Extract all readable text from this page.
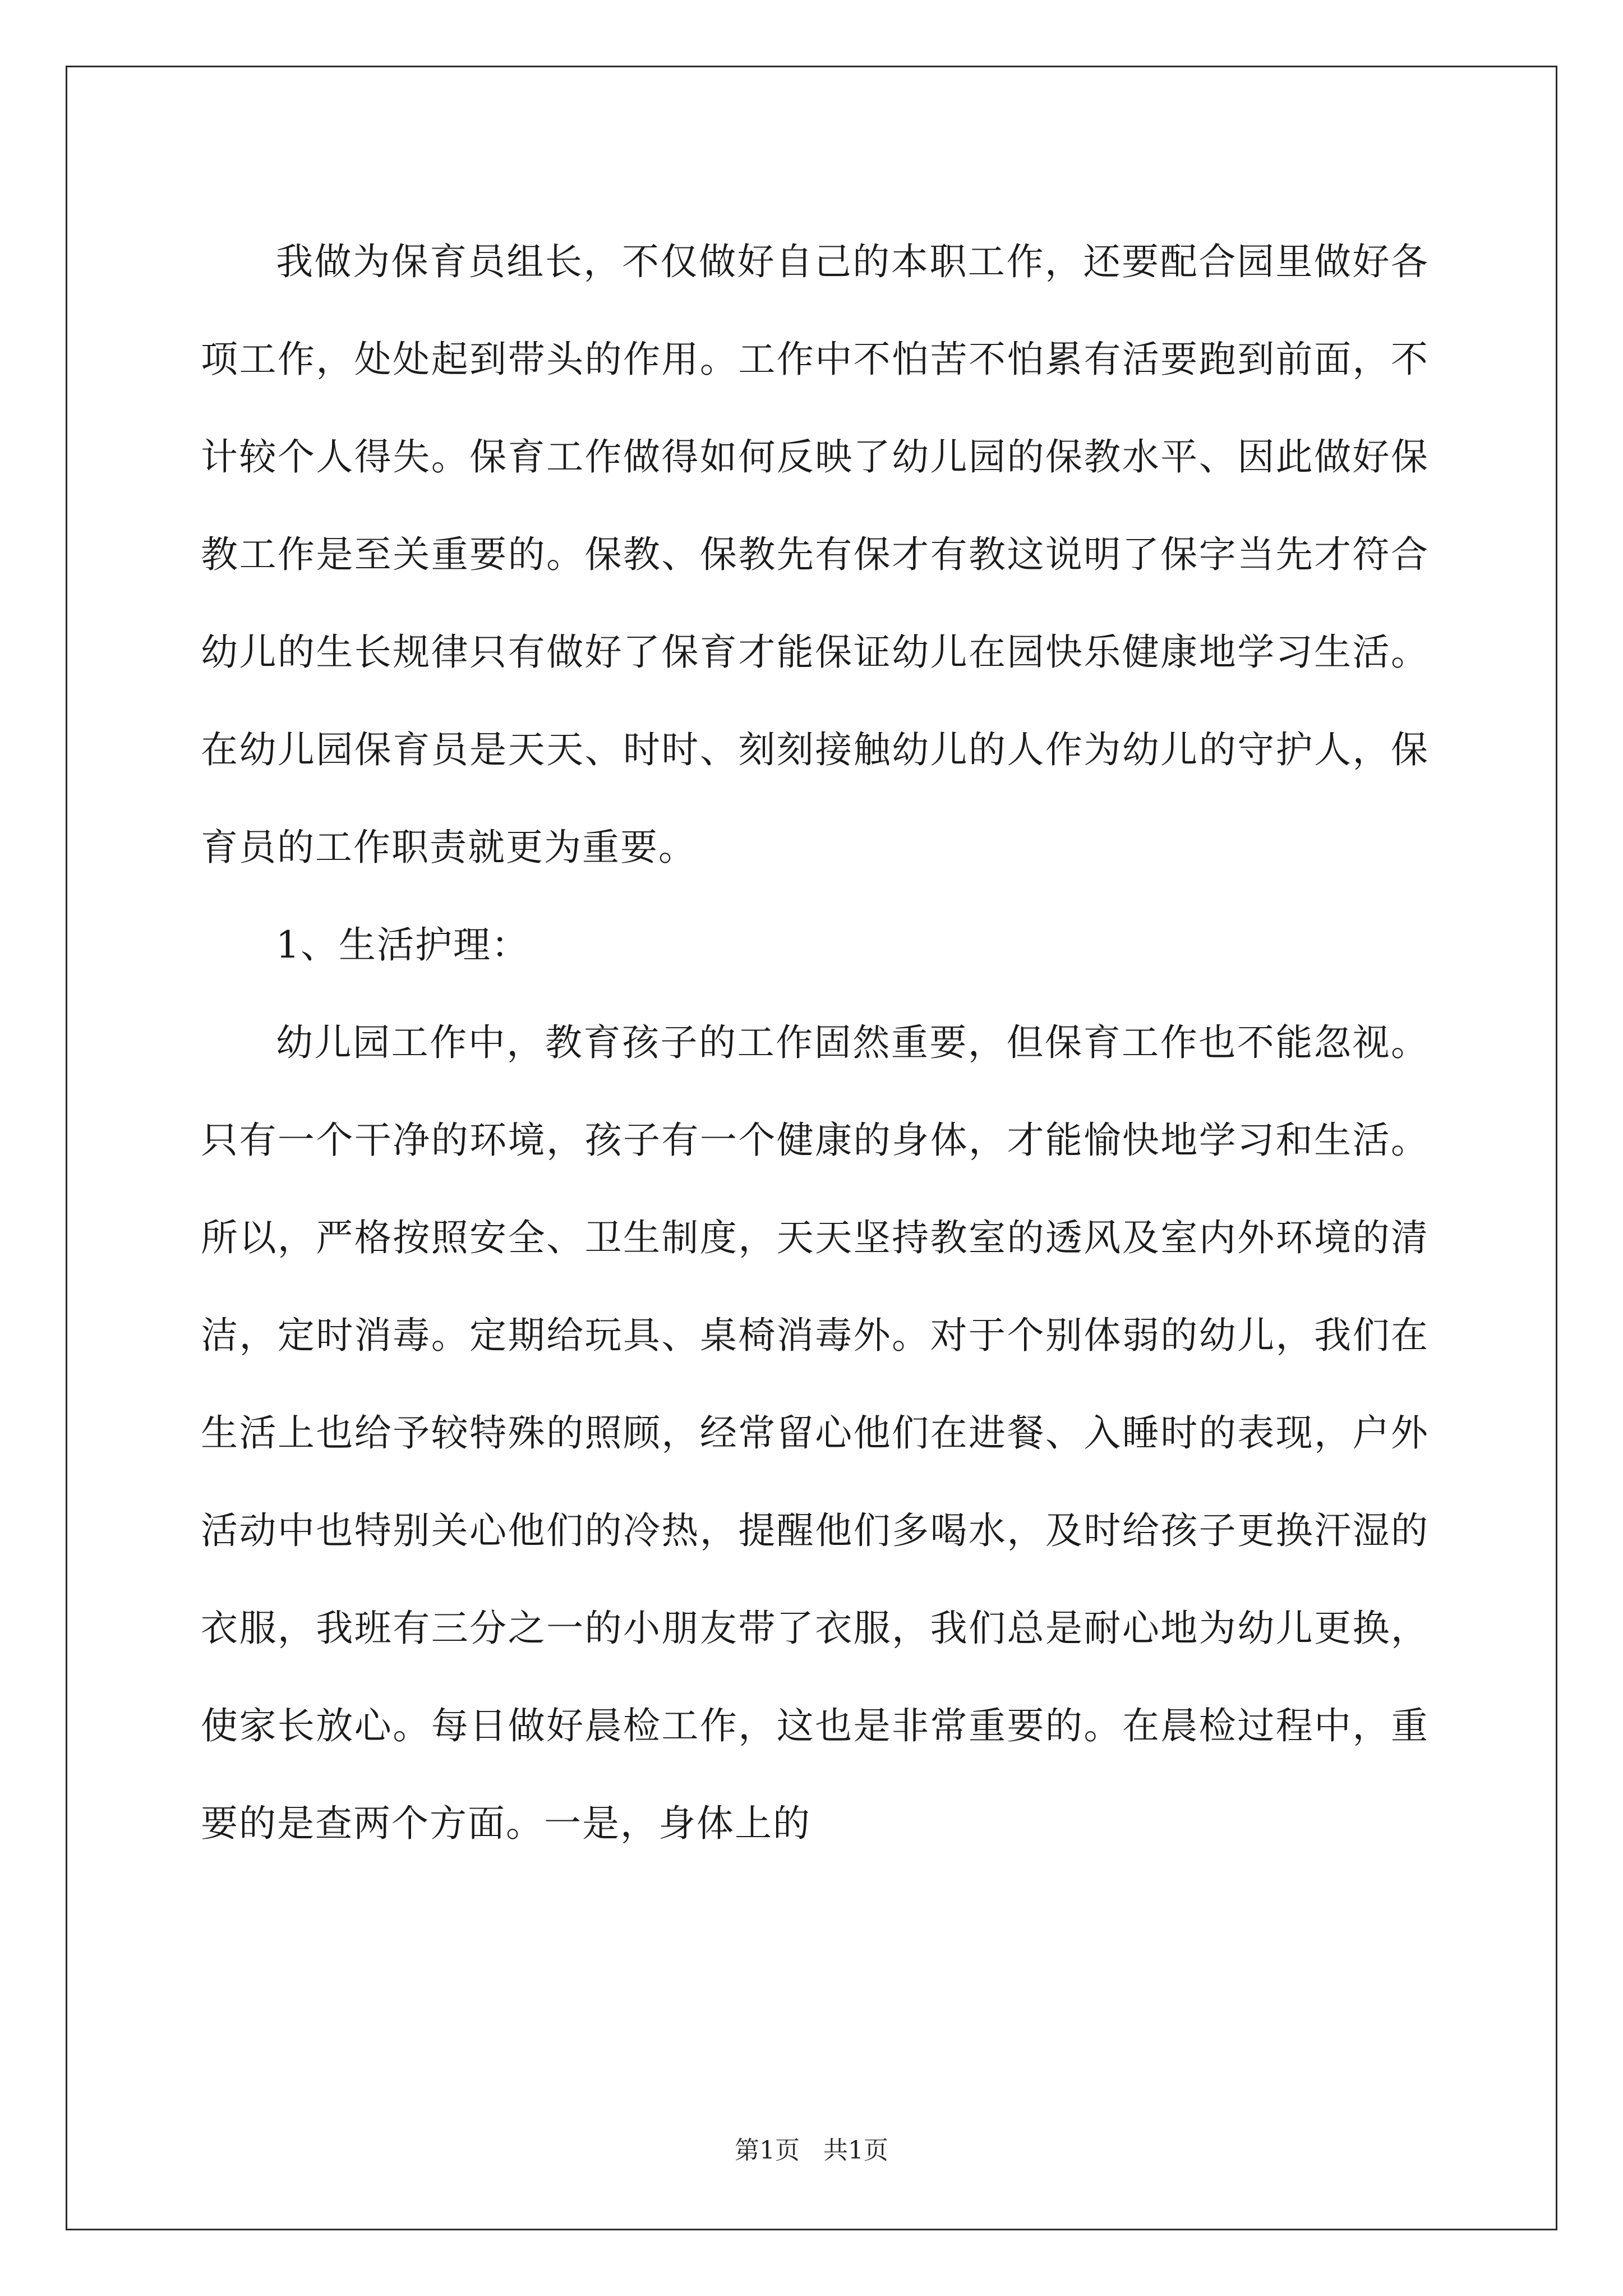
我做为保育员组长，不仅做好自己的本职工作，还要配合园里做好各项工作，处处起到带头的作用。工作中不怕苦不怕累有活要跑到前面，不计较个人得失。保育工作做得如何反映了幼儿园的保教水平、因此做好保教工作是至关重要的。保教、保教先有保才有教这说明了保字当先才符合幼儿的生长规律只有做好了保育才能保证幼儿在园快乐健康地学习生活。在幼儿园保育员是天天、时时、刻刻接触幼儿的人作为幼儿的守护人，保育员的工作职责就更为重要。

1、生活护理：

幼儿园工作中，教育孩子的工作固然重要，但保育工作也不能忽视。只有一个干净的环境，孩子有一个健康的身体，才能愉快地学习和生活。所以，严格按照安全、卫生制度，天天坚持教室的透风及室内外环境的清洁，定时消毒。定期给玩具、桌椅消毒外。对于个别体弱的幼儿，我们在生活上也给予较特殊的照顾，经常留心他们在进餐、入睡时的表现，户外活动中也特别关心他们的冷热，提醒他们多喝水，及时给孩子更换汗湿的衣服，我班有三分之一的小朋友带了衣服，我们总是耐心地为幼儿更换，使家长放心。每日做好晨检工作，这也是非常重要的。在晨检过程中，重要的是查两个方面。一是，身体上的

第1页   共1页
